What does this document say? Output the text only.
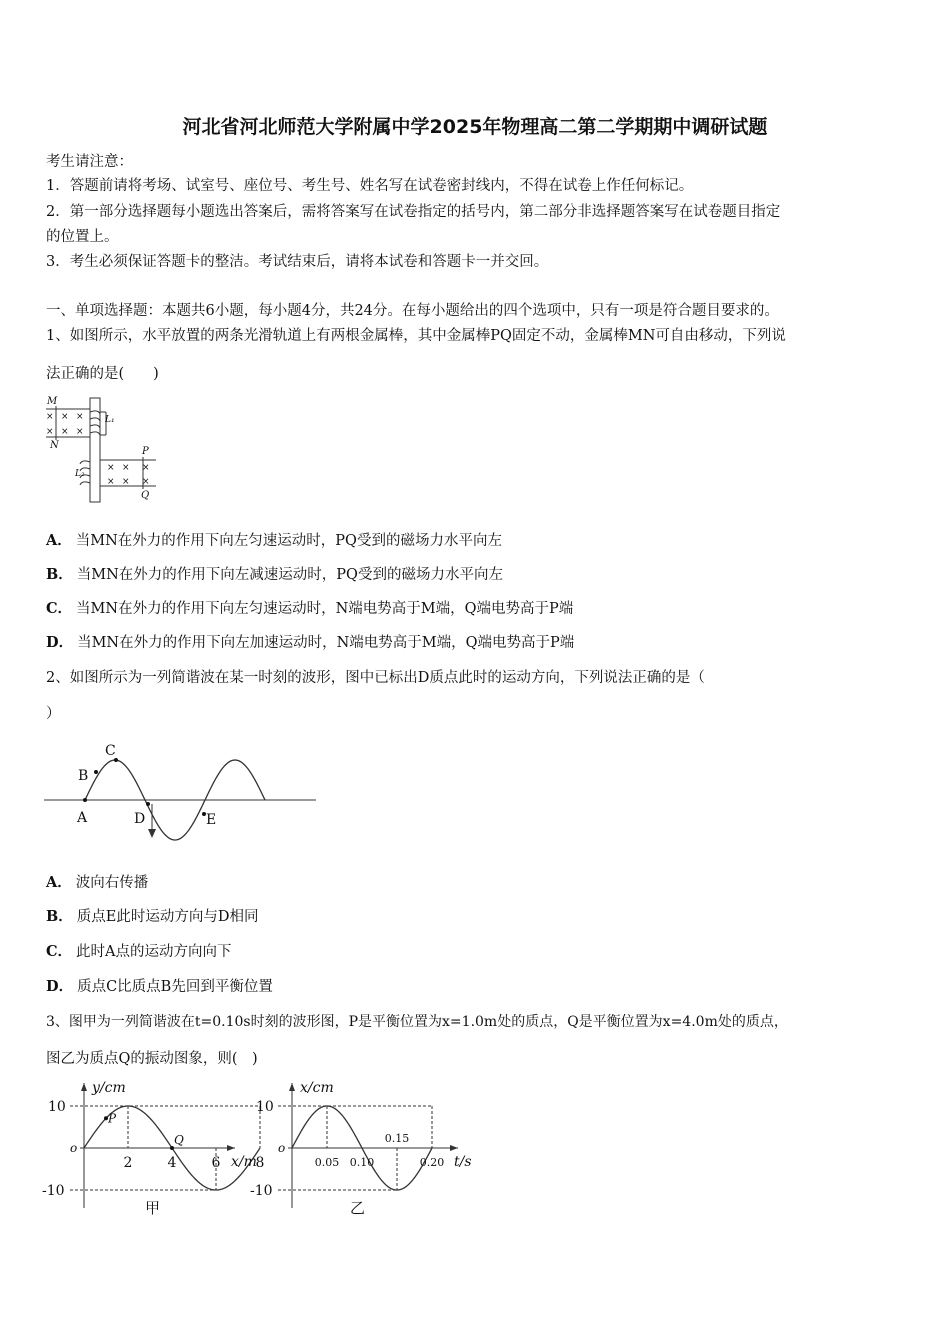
河北省河北师范大学附属中学2025年物理高二第二学期期中调研试题
考生请注意：
1．答题前请将考场、试室号、座位号、考生号、姓名写在试卷密封线内，不得在试卷上作任何标记。
2．第一部分选择题每小题选出答案后，需将答案写在试卷指定的括号内，第二部分非选择题答案写在试卷题目指定
的位置上。
3．考生必须保证答题卡的整洁。考试结束后，请将本试卷和答题卡一并交回。
一、单项选择题：本题共6小题，每小题4分，共24分。在每小题给出的四个选项中，只有一项是符合题目要求的。
1、如图所示，水平放置的两条光滑轨道上有两根金属棒，其中金属棒PQ固定不动，金属棒MN可自由移动，下列说
法正确的是(　　)
M
N
L₁
L₂
P
Q
× × ×
× × ×
× × ×
× × ×
A． 当MN在外力的作用下向左匀速运动时，PQ受到的磁场力水平向左
B． 当MN在外力的作用下向左减速运动时，PQ受到的磁场力水平向左
C． 当MN在外力的作用下向左匀速运动时，N端电势高于M端，Q端电势高于P端
D． 当MN在外力的作用下向左加速运动时，N端电势高于M端，Q端电势高于P端
2、如图所示为一列简谐波在某一时刻的波形，图中已标出D质点此时的运动方向，下列说法正确的是（
）
A
B
C
D	E
A． 波向右传播
B． 质点E此时运动方向与D相同
C． 此时A点的运动方向向下
D． 质点C比质点B先回到平衡位置
3、图甲为一列简谐波在t=0.10s时刻的波形图，P是平衡位置为x=1.0m处的质点，Q是平衡位置为x=4.0m处的质点，
图乙为质点Q的振动图象，则(　)
2	4	6	8
y/cm
x/m
10
-10
o
甲
P
Q
0.05 0.10
0.15
0.20
x/cm
t/s
10
-10
o
乙
